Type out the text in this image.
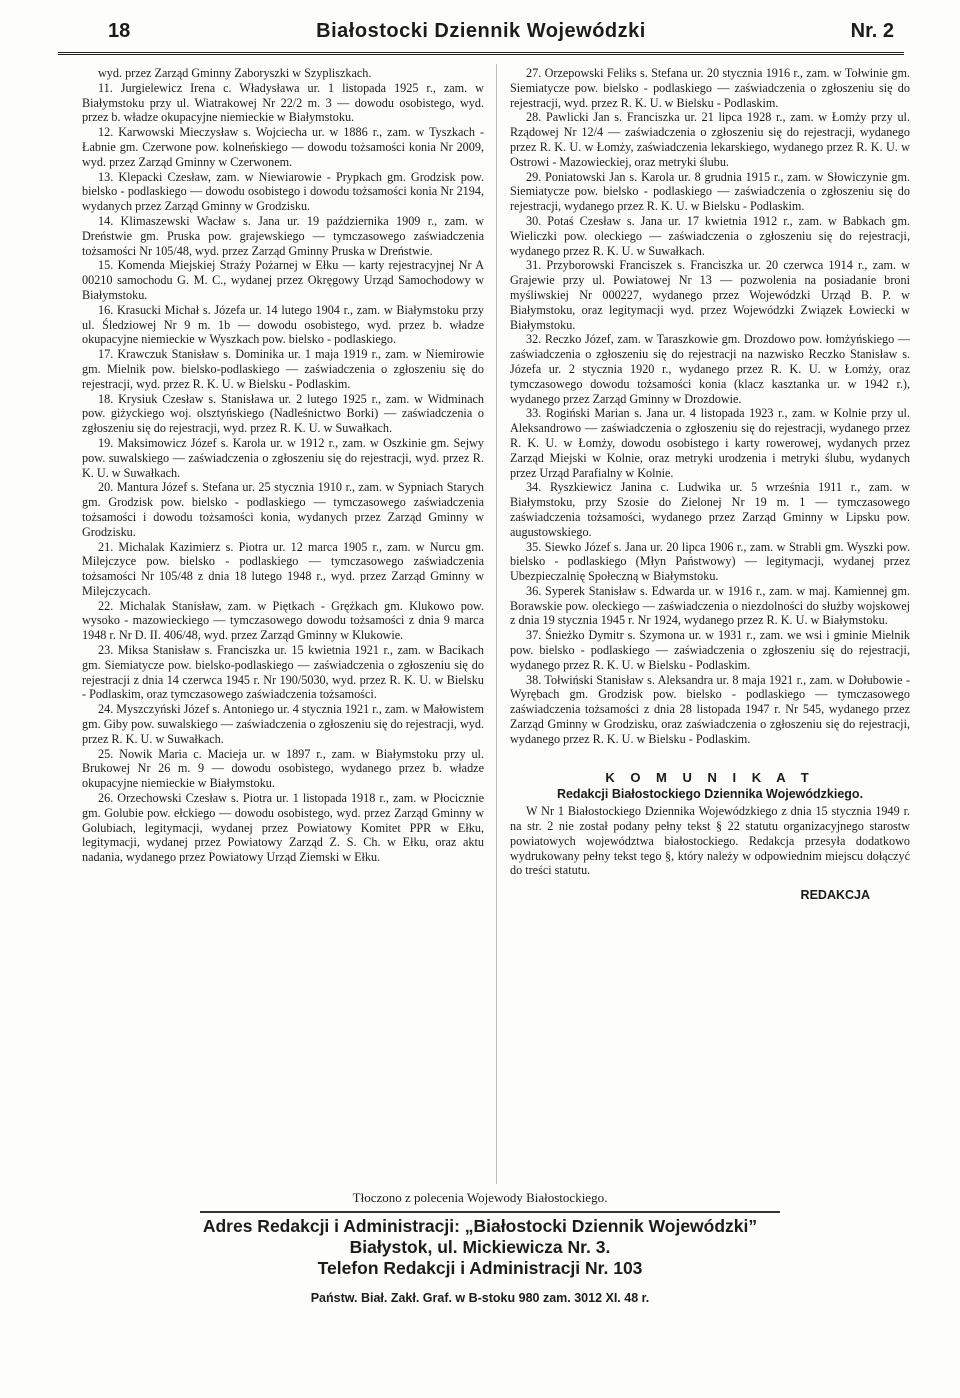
18	Białostocki Dziennik Wojewódzki	Nr. 2

wyd. przez Zarząd Gminny Zaboryszki w Szypliszkach.

11. Jurgielewicz Irena c. Władysława ur. 1 listopada 1925 r., zam. w Białymstoku przy ul. Wiatrakowej Nr 22/2 m. 3 — dowodu osobistego, wyd. przez b. władze okupacyjne niemieckie w Białymstoku.

12. Karwowski Mieczysław s. Wojciecha ur. w 1886 r., zam. w Tyszkach - Łabnie gm. Czerwone pow. kolneńskiego — dowodu tożsamości konia Nr 2009, wyd. przez Zarząd Gminny w Czerwonem.

13. Klepacki Czesław, zam. w Niewiarowie - Prypkach gm. Grodzisk pow. bielsko - podlaskiego — dowodu osobistego i dowodu tożsamości konia Nr 2194, wydanych przez Zarząd Gminny w Grodzisku.

14. Klimaszewski Wacław s. Jana ur. 19 października 1909 r., zam. w Dreństwie gm. Pruska pow. grajewskiego — tymczasowego zaświadczenia tożsamości Nr 105/48, wyd. przez Zarząd Gminny Pruska w Dreństwie.

15. Komenda Miejskiej Straży Pożarnej w Ełku — karty rejestracyjnej Nr A 00210 samochodu G. M. C., wydanej przez Okręgowy Urząd Samochodowy w Białymstoku.

16. Krasucki Michał s. Józefa ur. 14 lutego 1904 r., zam. w Białymstoku przy ul. Śledziowej Nr 9 m. 1b — dowodu osobistego, wyd. przez b. władze okupacyjne niemieckie w Wyszkach pow. bielsko - podlaskiego.

17. Krawczuk Stanisław s. Dominika ur. 1 maja 1919 r., zam. w Niemirowie gm. Mielnik pow. bielsko-podlaskiego — zaświadczenia o zgłoszeniu się do rejestracji, wyd. przez R. K. U. w Bielsku - Podlaskim.

18. Krysiuk Czesław s. Stanisława ur. 2 lutego 1925 r., zam. w Widminach pow. giżyckiego woj. olsztyńskiego (Nadleśnictwo Borki) — zaświadczenia o zgłoszeniu się do rejestracji, wyd. przez R. K. U. w Suwałkach.

19. Maksimowicz Józef s. Karola ur. w 1912 r., zam. w Oszkinie gm. Sejwy pow. suwalskiego — zaświadczenia o zgłoszeniu się do rejestracji, wyd. przez R. K. U. w Suwałkach.

20. Mantura Józef s. Stefana ur. 25 stycznia 1910 r., zam. w Sypniach Starych gm. Grodzisk pow. bielsko - podlaskiego — tymczasowego zaświadczenia tożsamości i dowodu tożsamości konia, wydanych przez Zarząd Gminny w Grodzisku.

21. Michalak Kazimierz s. Piotra ur. 12 marca 1905 r., zam. w Nurcu gm. Milejczyce pow. bielsko - podlaskiego — tymczasowego zaświadczenia tożsamości Nr 105/48 z dnia 18 lutego 1948 r., wyd. przez Zarząd Gminny w Milejczycach.

22. Michalak Stanisław, zam. w Piętkach - Grężkach gm. Klukowo pow. wysoko - mazowieckiego — tymczasowego dowodu tożsamości z dnia 9 marca 1948 r. Nr D. II. 406/48, wyd. przez Zarząd Gminny w Klukowie.

23. Miksa Stanisław s. Franciszka ur. 15 kwietnia 1921 r., zam. w Bacikach gm. Siemiatycze pow. bielsko-podlaskiego — zaświadczenia o zgłoszeniu się do rejestracji z dnia 14 czerwca 1945 r. Nr 190/5030, wyd. przez R. K. U. w Bielsku - Podlaskim, oraz tymczasowego zaświadczenia tożsamości.

24. Myszczyński Józef s. Antoniego ur. 4 stycznia 1921 r., zam. w Małowistem gm. Giby pow. suwalskiego — zaświadczenia o zgłoszeniu się do rejestracji, wyd. przez R. K. U. w Suwałkach.

25. Nowik Maria c. Macieja ur. w 1897 r., zam. w Białymstoku przy ul. Brukowej Nr 26 m. 9 — dowodu osobistego, wydanego przez b. władze okupacyjne niemieckie w Białymstoku.

26. Orzechowski Czesław s. Piotra ur. 1 listopada 1918 r., zam. w Płocicznie gm. Golubie pow. ełckiego — dowodu osobistego, wyd. przez Zarząd Gminny w Golubiach, legitymacji, wydanej przez Powiatowy Komitet PPR w Ełku, legitymacji, wydanej przez Powiatowy Zarząd Z. S. Ch. w Ełku, oraz aktu nadania, wydanego przez Powiatowy Urząd Ziemski w Ełku.

27. Orzepowski Feliks s. Stefana ur. 20 stycznia 1916 r., zam. w Tołwinie gm. Siemiatycze pow. bielsko - podlaskiego — zaświadczenia o zgłoszeniu się do rejestracji, wyd. przez R. K. U. w Bielsku - Podlaskim.

28. Pawlicki Jan s. Franciszka ur. 21 lipca 1928 r., zam. w Łomży przy ul. Rządowej Nr 12/4 — zaświadczenia o zgłoszeniu się do rejestracji, wydanego przez R. K. U. w Łomży, zaświadczenia lekarskiego, wydanego przez R. K. U. w Ostrowi - Mazowieckiej, oraz metryki ślubu.

29. Poniatowski Jan s. Karola ur. 8 grudnia 1915 r., zam. w Słowiczynie gm. Siemiatycze pow. bielsko - podlaskiego — zaświadczenia o zgłoszeniu się do rejestracji, wydanego przez R. K. U. w Bielsku - Podlaskim.

30. Potaś Czesław s. Jana ur. 17 kwietnia 1912 r., zam. w Babkach gm. Wieliczki pow. oleckiego — zaświadczenia o zgłoszeniu się do rejestracji, wydanego przez R. K. U. w Suwałkach.

31. Przyborowski Franciszek s. Franciszka ur. 20 czerwca 1914 r., zam. w Grajewie przy ul. Powiatowej Nr 13 — pozwolenia na posiadanie broni myśliwskiej Nr 000227, wydanego przez Wojewódzki Urząd B. P. w Białymstoku, oraz legitymacji wyd. przez Wojewódzki Związek Łowiecki w Białymstoku.

32. Reczko Józef, zam. w Taraszkowie gm. Drozdowo pow. łomżyńskiego — zaświadczenia o zgłoszeniu się do rejestracji na nazwisko Reczko Stanisław s. Józefa ur. 2 stycznia 1920 r., wydanego przez R. K. U. w Łomży, oraz tymczasowego dowodu tożsamości konia (klacz kasztanka ur. w 1942 r.), wydanego przez Zarząd Gminny w Drozdowie.

33. Rogiński Marian s. Jana ur. 4 listopada 1923 r., zam. w Kolnie przy ul. Aleksandrowo — zaświadczenia o zgłoszeniu się do rejestracji, wydanego przez R. K. U. w Łomży, dowodu osobistego i karty rowerowej, wydanych przez Zarząd Miejski w Kolnie, oraz metryki urodzenia i metryki ślubu, wydanych przez Urząd Parafialny w Kolnie.

34. Ryszkiewicz Janina c. Ludwika ur. 5 września 1911 r., zam. w Białymstoku, przy Szosie do Zielonej Nr 19 m. 1 — tymczasowego zaświadczenia tożsamości, wydanego przez Zarząd Gminny w Lipsku pow. augustowskiego.

35. Siewko Józef s. Jana ur. 20 lipca 1906 r., zam. w Strabli gm. Wyszki pow. bielsko - podlaskiego (Młyn Państwowy) — legitymacji, wydanej przez Ubezpieczalnię Społeczną w Białymstoku.

36. Syperek Stanisław s. Edwarda ur. w 1916 r., zam. w maj. Kamiennej gm. Borawskie pow. oleckiego — zaświadczenia o niezdolności do służby wojskowej z dnia 19 stycznia 1945 r. Nr 1924, wydanego przez R. K. U. w Białymstoku.

37. Śnieżko Dymitr s. Szymona ur. w 1931 r., zam. we wsi i gminie Mielnik pow. bielsko - podlaskiego — zaświadczenia o zgłoszeniu się do rejestracji, wydanego przez R. K. U. w Bielsku - Podlaskim.

38. Tołwiński Stanisław s. Aleksandra ur. 8 maja 1921 r., zam. w Dołubowie - Wyrębach gm. Grodzisk pow. bielsko - podlaskiego — tymczasowego zaświadczenia tożsamości z dnia 28 listopada 1947 r. Nr 545, wydanego przez Zarząd Gminny w Grodzisku, oraz zaświadczenia o zgłoszeniu się do rejestracji, wydanego przez R. K. U. w Bielsku - Podlaskim.

K O M U N I K A T
Redakcji Białostockiego Dziennika Wojewódzkiego.

W Nr 1 Białostockiego Dziennika Wojewódzkiego z dnia 15 stycznia 1949 r. na str. 2 nie został podany pełny tekst § 22 statutu organizacyjnego starostw powiatowych województwa białostockiego. Redakcja przesyła dodatkowo wydrukowany pełny tekst tego §, który należy w odpowiednim miejscu dołączyć do treści statutu.

REDAKCJA
Tłoczono z polecenia Wojewody Białostockiego.
Adres Redakcji i Administracji: „Białostocki Dziennik Wojewódzki”
Białystok, ul. Mickiewicza Nr. 3.
Telefon Redakcji i Administracji Nr. 103
Państw. Biał. Zakł. Graf. w B-stoku 980 zam. 3012 XI. 48 r.
